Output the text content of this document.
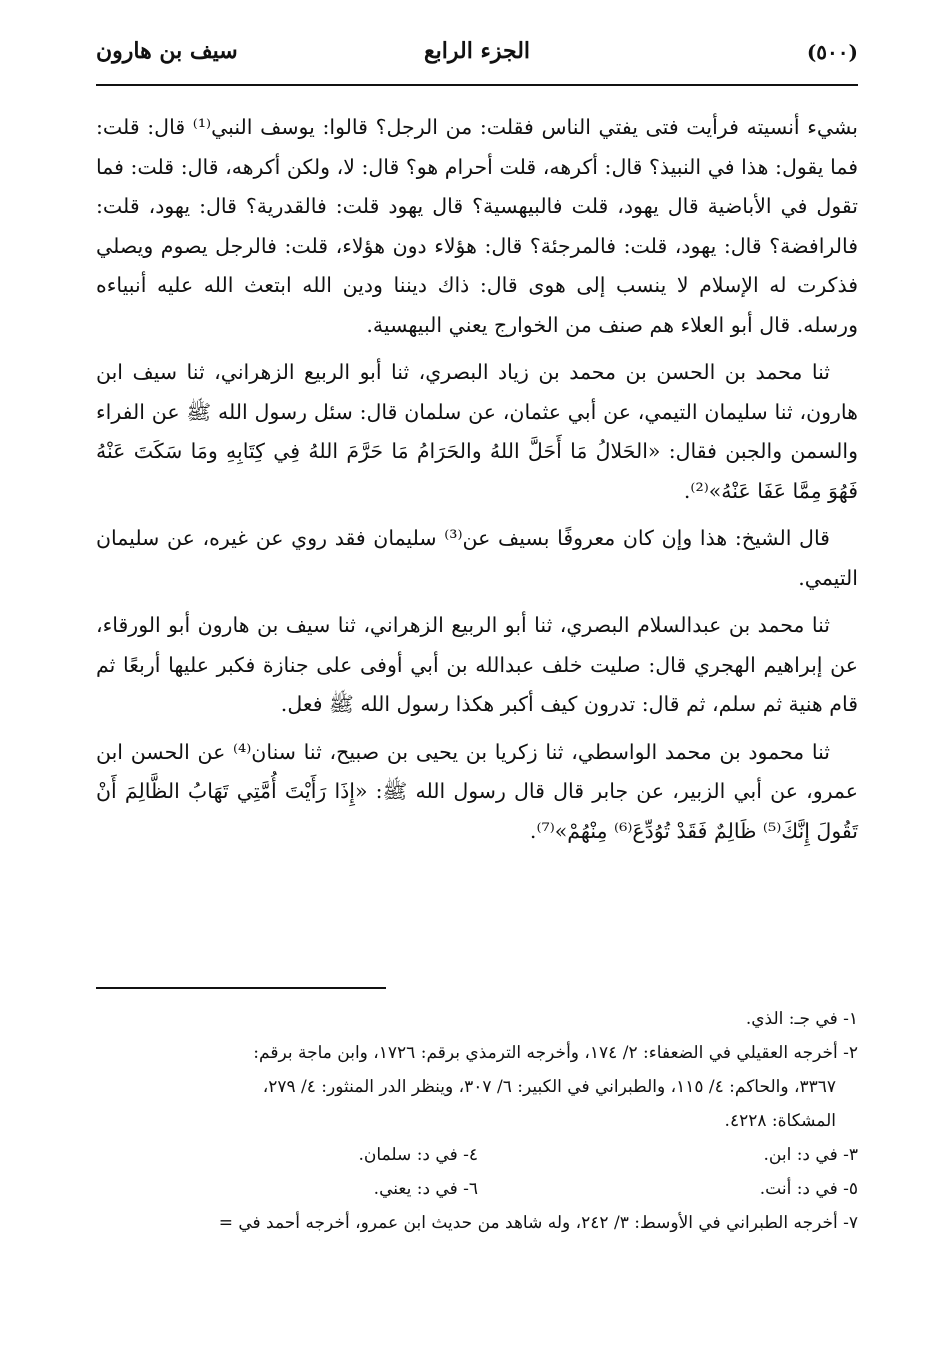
(٥٠٠)
الجزء الرابع
سيف بن هارون

بشيء أنسيته فرأيت فتى يفتي الناس فقلت: من الرجل؟ قالوا: يوسف النبي⁽¹⁾ قال: قلت: فما يقول: هذا في النبيذ؟ قال: أكرهه، قلت أحرام هو؟ قال: لا، ولكن أكرهه، قال: قلت: فما تقول في الأباضية قال يهود، قلت فالبيهسية؟ قال يهود قلت: فالقدرية؟ قال: يهود، قلت: فالرافضة؟ قال: يهود، قلت: فالمرجئة؟ قال: هؤلاء دون هؤلاء، قلت: فالرجل يصوم ويصلي فذكرت له الإسلام لا ينسب إلى هوى قال: ذاك ديننا ودين الله ابتعث الله عليه أنبياءه ورسله. قال أبو العلاء هم صنف من الخوارج يعني البيهسية.

ثنا محمد بن الحسن بن محمد بن زياد البصري، ثنا أبو الربيع الزهراني، ثنا سيف ابن هارون، ثنا سليمان التيمي، عن أبي عثمان، عن سلمان قال: سئل رسول الله ﷺ عن الفراء والسمن والجبن فقال: «الحَلالُ مَا أَحَلَّ اللهُ والحَرَامُ مَا حَرَّمَ اللهُ فِي كِتَابِهِ ومَا سَكَتَ عَنْهُ فَهُوَ مِمَّا عَفَا عَنْهُ»⁽²⁾.

قال الشيخ: هذا وإن كان معروفًا بسيف عن⁽³⁾ سليمان فقد روي عن غيره، عن سليمان التيمي.

ثنا محمد بن عبدالسلام البصري، ثنا أبو الربيع الزهراني، ثنا سيف بن هارون أبو الورقاء، عن إبراهيم الهجري قال: صليت خلف عبدالله بن أبي أوفى على جنازة فكبر عليها أربعًا ثم قام هنية ثم سلم، ثم قال: تدرون كيف أكبر هكذا رسول الله ﷺ فعل.

ثنا محمود بن محمد الواسطي، ثنا زكريا بن يحيى بن صبيح، ثنا سنان⁽⁴⁾ عن الحسن ابن عمرو، عن أبي الزبير، عن جابر قال قال رسول الله ﷺ: «إِذَا رَأَيْتَ أُمَّتِي تَهَابُ الظَّالِمَ أَنْ تَقُولَ إِنَّكَ⁽⁵⁾ ظَالِمٌ فَقَدْ تُوُدِّعَ⁽⁶⁾ مِنْهُمْ»⁽⁷⁾.

١- في جـ: الذي.

٢- أخرجه العقيلي في الضعفاء: ٢/ ١٧٤، وأخرجه الترمذي برقم: ١٧٢٦، وابن ماجة برقم:

٣٣٦٧، والحاكم: ٤/ ١١٥، والطبراني في الكبير: ٦/ ٣٠٧، وينظر الدر المنثور: ٤/ ٢٧٩،

المشكاة: ٤٢٢٨.

٣- في د: ابن.
٤- في د: سلمان.
٥- في د: أنت.
٦- في د: يعني.

٧- أخرجه الطبراني في الأوسط: ٣/ ٢٤٢، وله شاهد من حديث ابن عمرو، أخرجه أحمد في =
